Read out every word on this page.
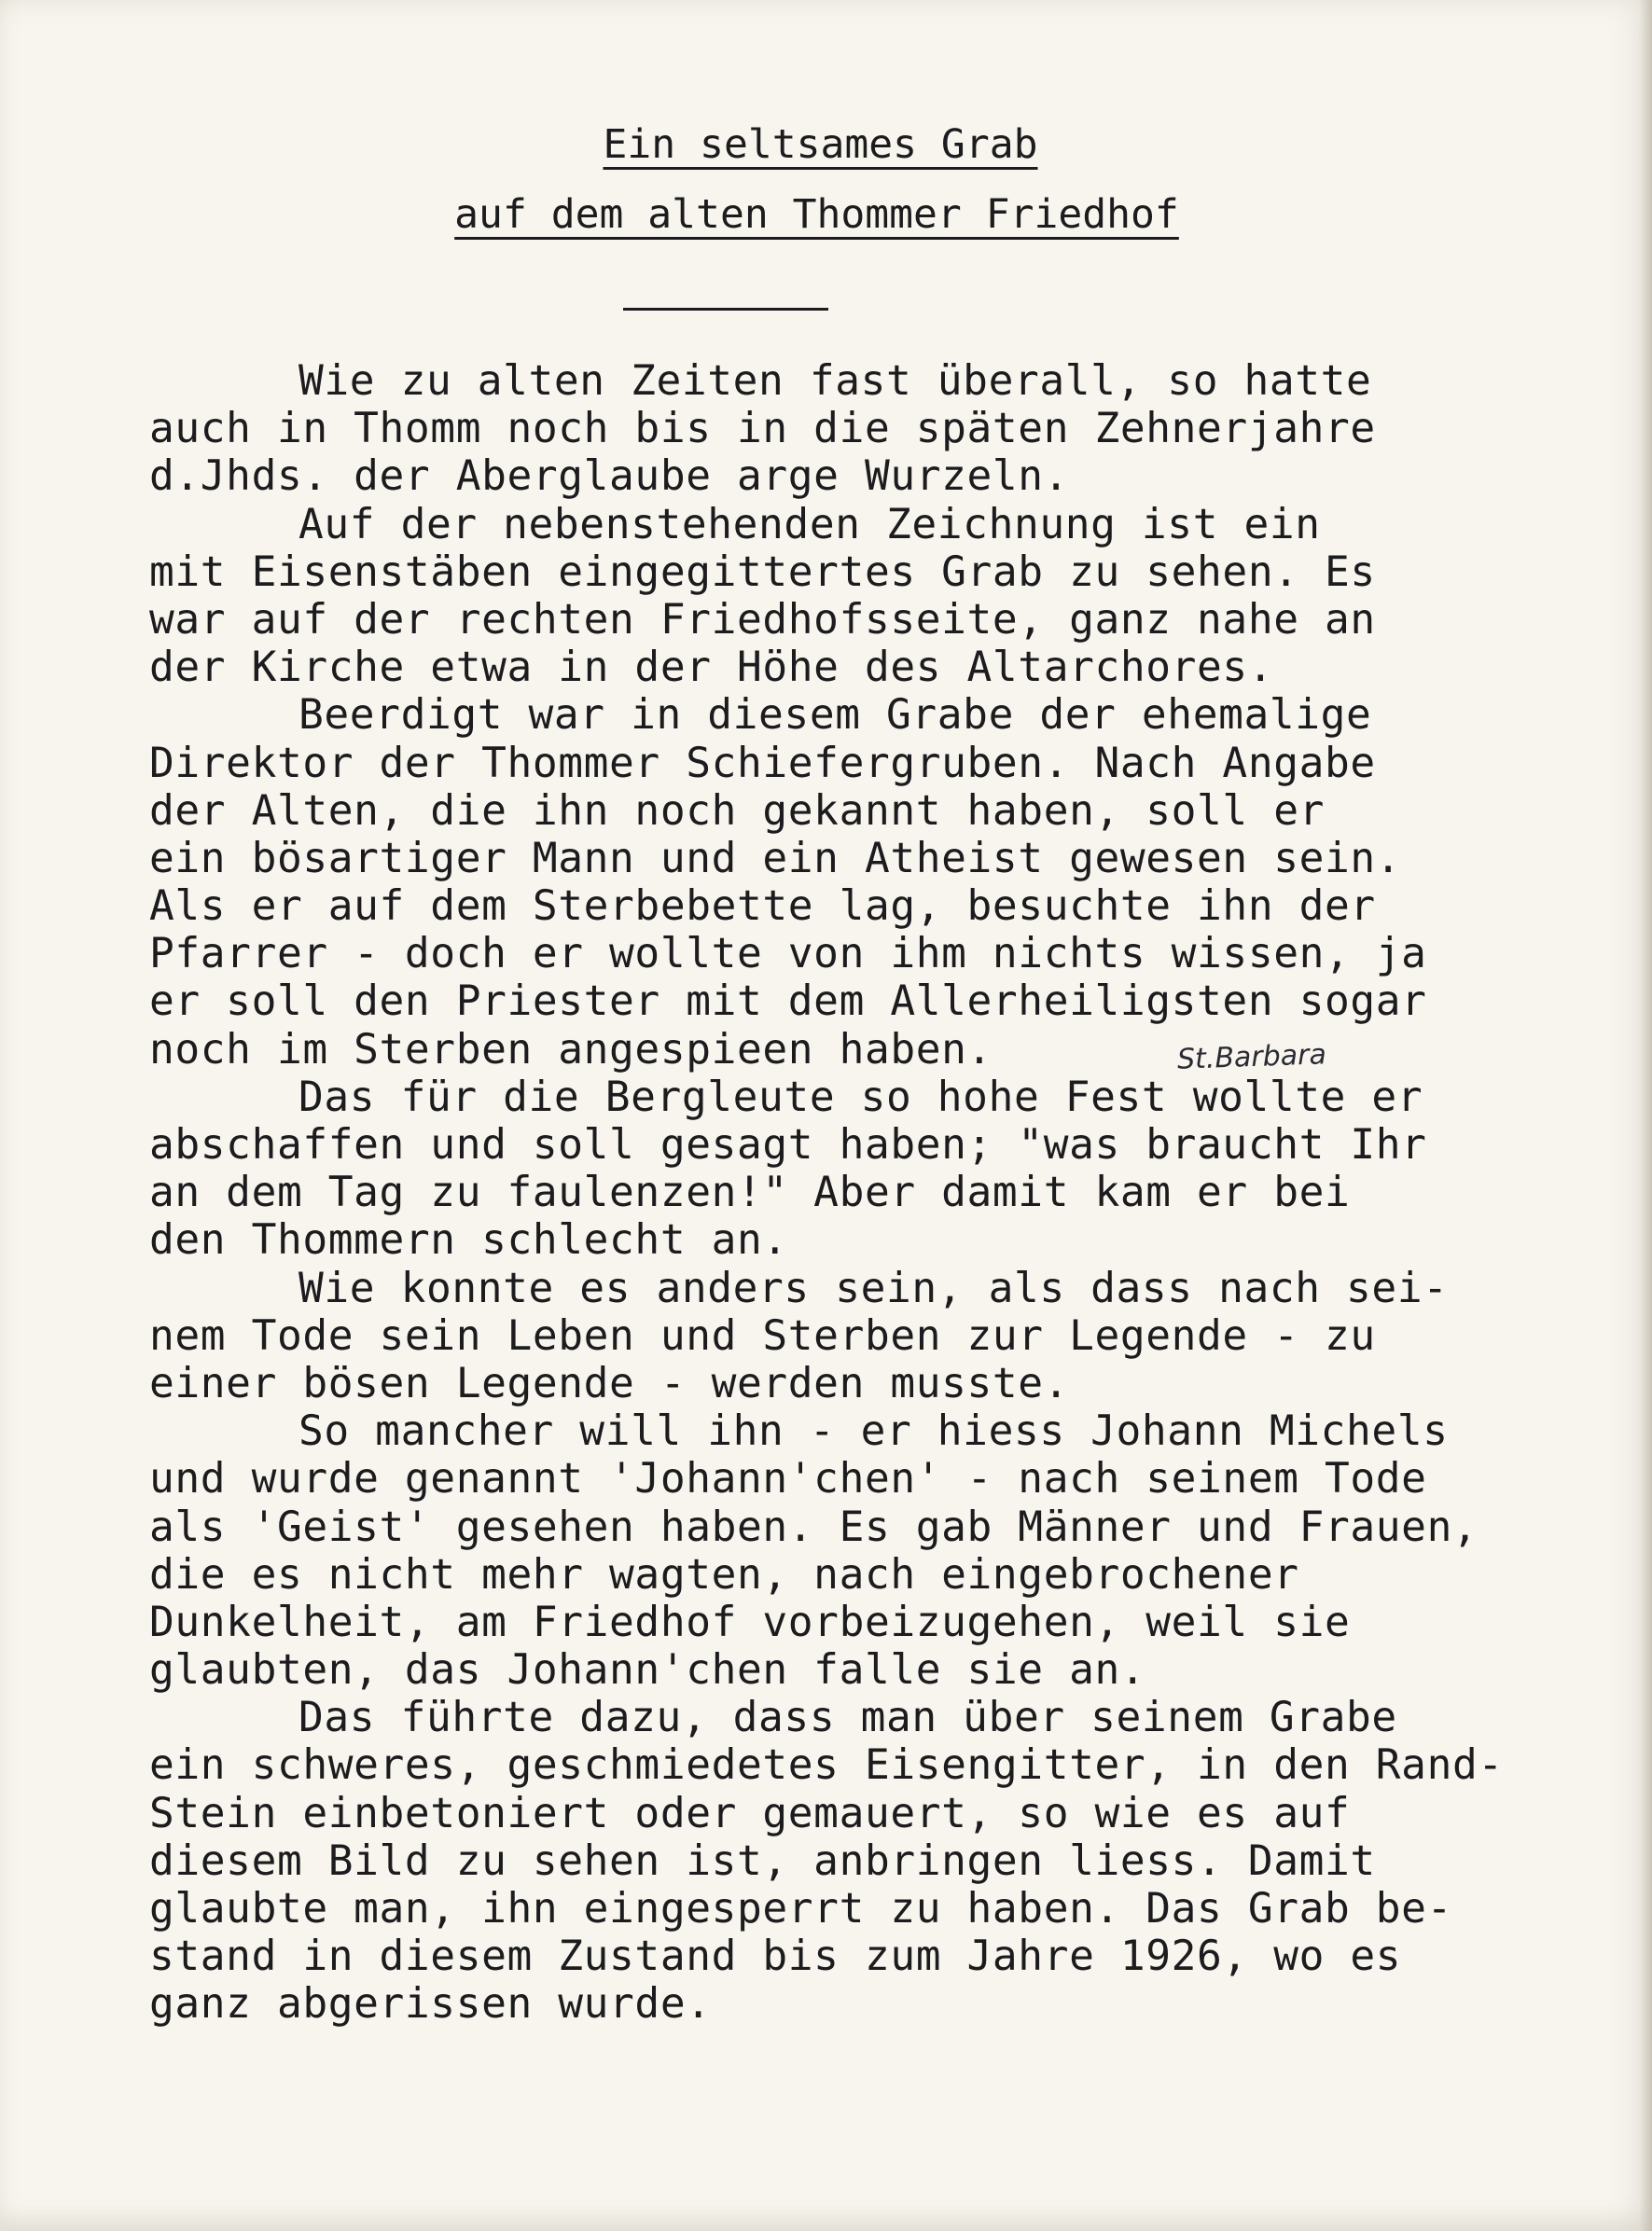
Ein seltsames Grab
auf dem alten Thommer Friedhof
Wie zu alten Zeiten fast überall, so hatte
auch in Thomm noch bis in die späten Zehnerjahre
d.Jhds. der Aberglaube arge Wurzeln.
Auf der nebenstehenden Zeichnung ist ein
mit Eisenstäben eingegittertes Grab zu sehen. Es
war auf der rechten Friedhofsseite, ganz nahe an
der Kirche etwa in der Höhe des Altarchores.
Beerdigt war in diesem Grabe der ehemalige
Direktor der Thommer Schiefergruben. Nach Angabe
der Alten, die ihn noch gekannt haben, soll er
ein bösartiger Mann und ein Atheist gewesen sein.
Als er auf dem Sterbebette lag, besuchte ihn der
Pfarrer - doch er wollte von ihm nichts wissen, ja
er soll den Priester mit dem Allerheiligsten sogar
noch im Sterben angespieen haben.
Das für die Bergleute so hohe Fest wollte er
abschaffen und soll gesagt haben; "was braucht Ihr
an dem Tag zu faulenzen!" Aber damit kam er bei
den Thommern schlecht an.
Wie konnte es anders sein, als dass nach sei-
nem Tode sein Leben und Sterben zur Legende - zu
einer bösen Legende - werden musste.
So mancher will ihn - er hiess Johann Michels
und wurde genannt 'Johann'chen' - nach seinem Tode
als 'Geist' gesehen haben. Es gab Männer und Frauen,
die es nicht mehr wagten, nach eingebrochener
Dunkelheit, am Friedhof vorbeizugehen, weil sie
glaubten, das Johann'chen falle sie an.
Das führte dazu, dass man über seinem Grabe
ein schweres, geschmiedetes Eisengitter, in den Rand-
Stein einbetoniert oder gemauert, so wie es auf
diesem Bild zu sehen ist, anbringen liess. Damit
glaubte man, ihn eingesperrt zu haben. Das Grab be-
stand in diesem Zustand bis zum Jahre 1926, wo es
ganz abgerissen wurde.
St.Barbara
